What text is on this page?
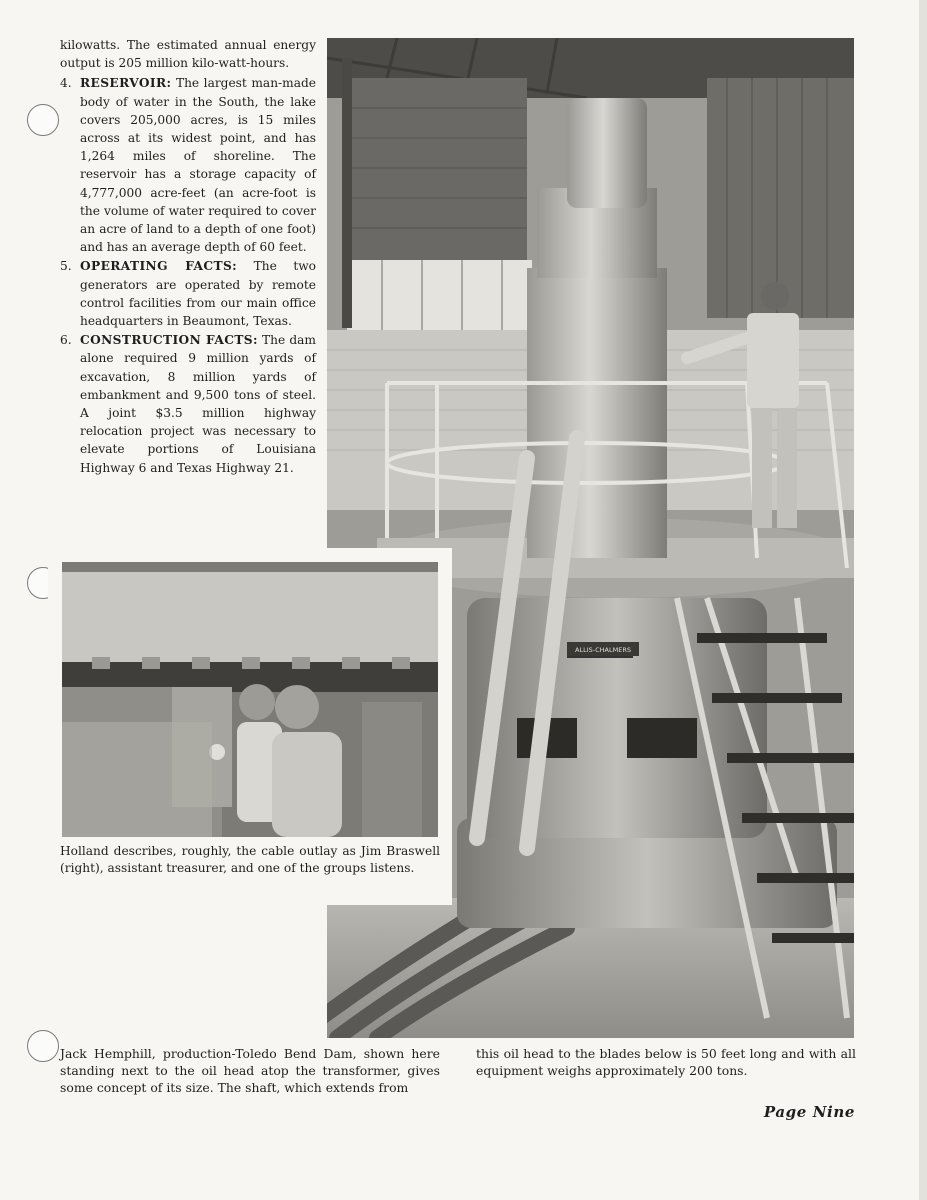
kilowatts. The estimated annual energy output is 205 million kilo-watt-hours.

4. RESERVOIR: The largest man-made body of water in the South, the lake covers 205,000 acres, is 15 miles across at its widest point, and has 1,264 miles of shoreline. The reservoir has a storage capacity of 4,777,000 acre-feet (an acre-foot is the volume of water required to cover an acre of land to a depth of one foot) and has an average depth of 60 feet.
5. OPERATING FACTS: The two generators are operated by remote control facilities from our main office headquarters in Beaumont, Texas.
6. CONSTRUCTION FACTS: The dam alone required 9 million yards of excavation, 8 million yards of embankment and 9,500 tons of steel. A joint $3.5 million highway relocation project was necessary to elevate portions of Louisiana Highway 6 and Texas Highway 21.
ALLIS-CHALMERS
Holland describes, roughly, the cable outlay as Jim Braswell (right), assistant treasurer, and one of the groups listens.
Jack Hemphill, production-Toledo Bend Dam, shown here standing next to the oil head atop the transformer, gives some concept of its size. The shaft, which extends from
this oil head to the blades below is 50 feet long and with all equipment weighs approximately 200 tons.
Page Nine
